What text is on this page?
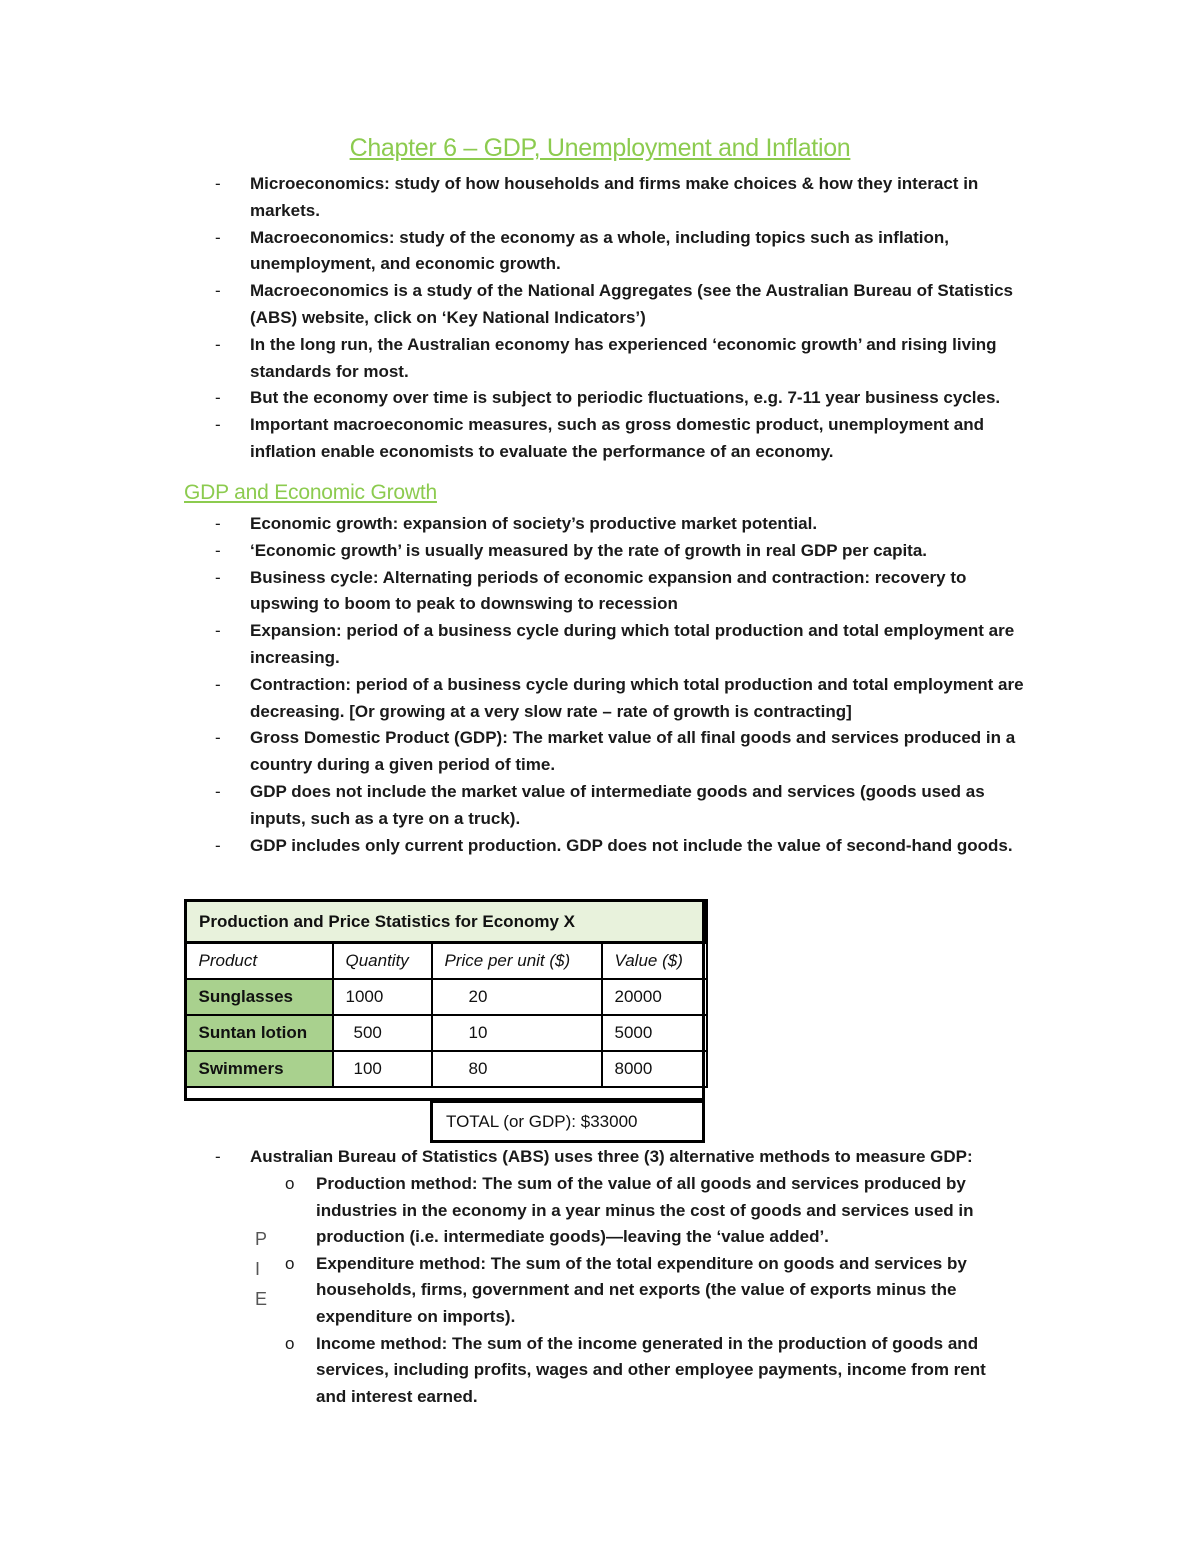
Chapter 6 – GDP, Unemployment and Inflation
- Microeconomics: study of how households and firms make choices & how they interact in markets.
- Macroeconomics: study of the economy as a whole, including topics such as inflation, unemployment, and economic growth.
- Macroeconomics is a study of the National Aggregates (see the Australian Bureau of Statistics (ABS) website, click on ‘Key National Indicators’)
- In the long run, the Australian economy has experienced ‘economic growth’ and rising living standards for most.
- But the economy over time is subject to periodic fluctuations, e.g. 7-11 year business cycles.
- Important macroeconomic measures, such as gross domestic product, unemployment and inflation enable economists to evaluate the performance of an economy.
GDP and Economic Growth
- Economic growth: expansion of society’s productive market potential.
- ‘Economic growth’ is usually measured by the rate of growth in real GDP per capita.
- Business cycle: Alternating periods of economic expansion and contraction: recovery to upswing to boom to peak to downswing to recession
- Expansion: period of a business cycle during which total production and total employment are increasing.
- Contraction: period of a business cycle during which total production and total employment are decreasing. [Or growing at a very slow rate – rate of growth is contracting]
- Gross Domestic Product (GDP): The market value of all final goods and services produced in a country during a given period of time.
- GDP does not include the market value of intermediate goods and services (goods used as inputs, such as a tyre on a truck).
- GDP includes only current production. GDP does not include the value of second-hand goods.
Production and Price Statistics for Economy X			
Product	Quantity	Price per unit ($)	Value ($)
Sunglasses	1000	20	20000
Suntan lotion	500	10	5000
Swimmers	100	80	8000
TOTAL (or GDP): $33000
- Australian Bureau of Statistics (ABS) uses three (3) alternative methods to measure GDP:
o Production method: The sum of the value of all goods and services produced by industries in the economy in a year minus the cost of goods and services used in production (i.e. intermediate goods)—leaving the ‘value added’.
o Expenditure method: The sum of the total expenditure on goods and services by households, firms, government and net exports (the value of exports minus the expenditure on imports).
o Income method: The sum of the income generated in the production of goods and services, including profits, wages and other employee payments, income from rent and interest earned.
P
I
E
